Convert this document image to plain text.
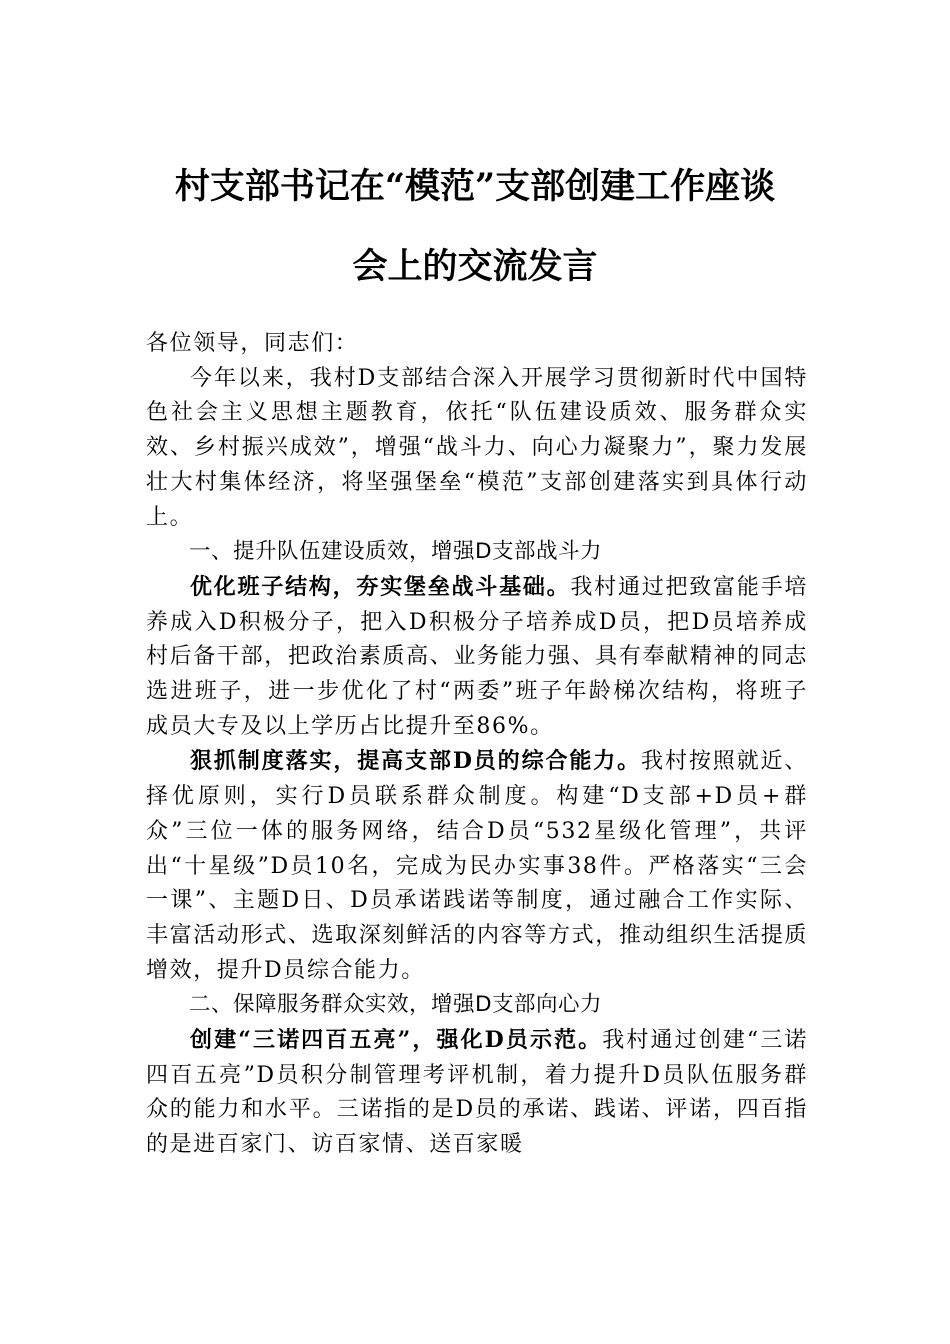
村支部书记在“模范”支部创建工作座谈
会上的交流发言

各位领导，同志们：

今年以来，我村D支部结合深入开展学习贯彻新时代中国特色社会主义思想主题教育，依托“队伍建设质效、服务群众实效、乡村振兴成效”，增强“战斗力、向心力凝聚力”，聚力发展壮大村集体经济，将坚强堡垒“模范”支部创建落实到具体行动上。

一、提升队伍建设质效，增强D支部战斗力

优化班子结构，夯实堡垒战斗基础。我村通过把致富能手培养成入D积极分子，把入D积极分子培养成D员，把D员培养成村后备干部，把政治素质高、业务能力强、具有奉献精神的同志选进班子，进一步优化了村“两委”班子年龄梯次结构，将班子成员大专及以上学历占比提升至86%。

狠抓制度落实，提高支部D员的综合能力。我村按照就近、择优原则，实行D员联系群众制度。构建“D支部+D员+群众”三位一体的服务网络，结合D员“532星级化管理”，共评出“十星级”D员10名，完成为民办实事38件。严格落实“三会一课”、主题D日、D员承诺践诺等制度，通过融合工作实际、丰富活动形式、选取深刻鲜活的内容等方式，推动组织生活提质增效，提升D员综合能力。

二、保障服务群众实效，增强D支部向心力

创建“三诺四百五亮”，强化D员示范。我村通过创建“三诺四百五亮”D员积分制管理考评机制，着力提升D员队伍服务群众的能力和水平。三诺指的是D员的承诺、践诺、评诺，四百指的是进百家门、访百家情、送百家暖
